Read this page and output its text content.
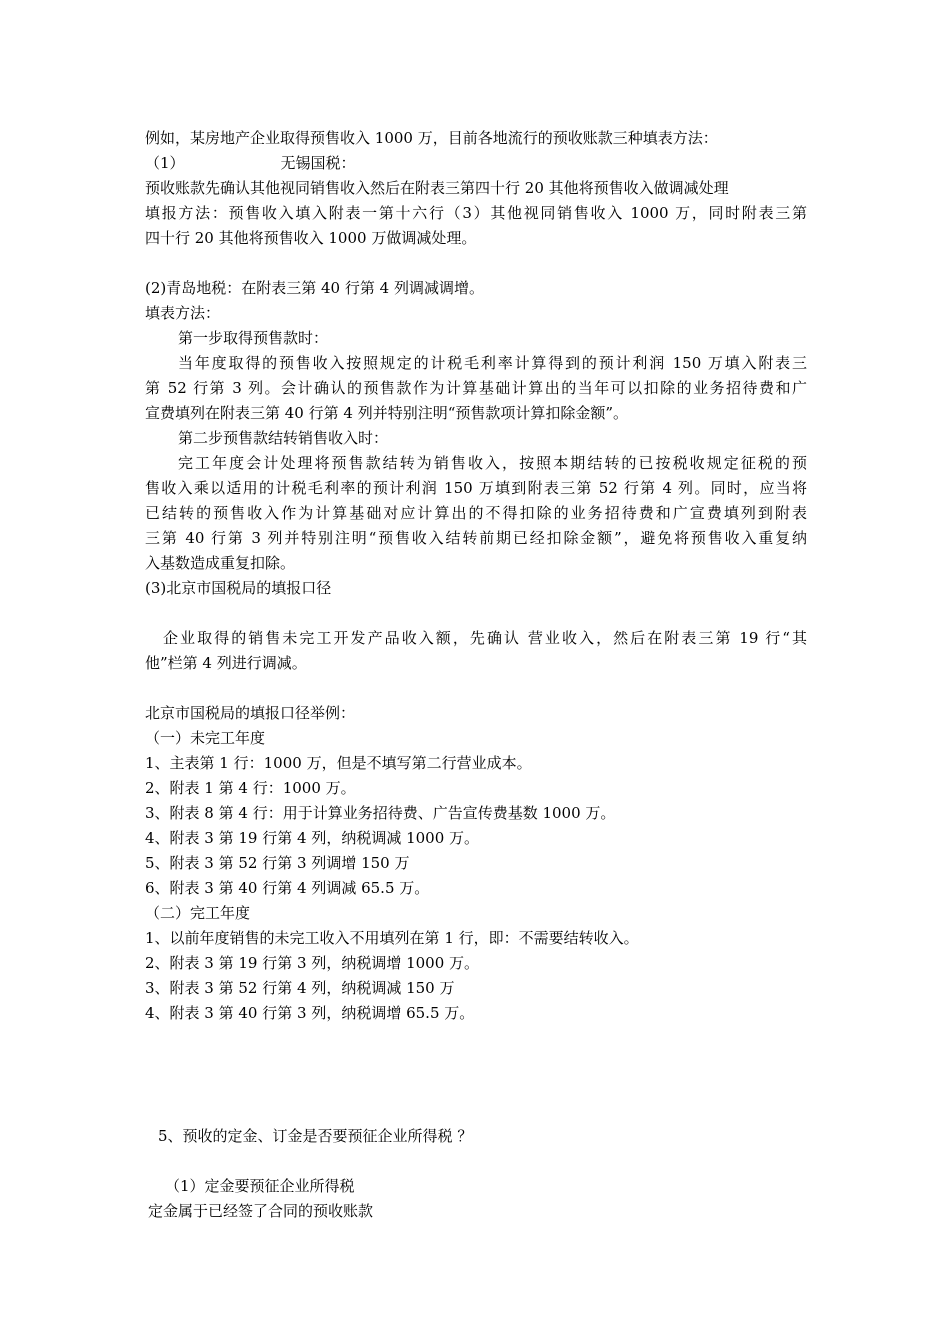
例如，某房地产企业取得预售收入 1000 万，目前各地流行的预收账款三种填表方法：
（1）	无锡国税：
预收账款先确认其他视同销售收入然后在附表三第四十行 20 其他将预售收入做调减处理
填报方法：预售收入填入附表一第十六行（3）其他视同销售收入 1000 万，同时附表三第
四十行 20 其他将预售收入 1000 万做调减处理。
(2)青岛地税：在附表三第 40 行第 4 列调减调增。
填表方法：
第一步取得预售款时：
当年度取得的预售收入按照规定的计税毛利率计算得到的预计利润 150 万填入附表三
第 52 行第 3 列。会计确认的预售款作为计算基础计算出的当年可以扣除的业务招待费和广
宣费填列在附表三第 40 行第 4 列并特别注明“预售款项计算扣除金额”。
第二步预售款结转销售收入时：
完工年度会计处理将预售款结转为销售收入，按照本期结转的已按税收规定征税的预
售收入乘以适用的计税毛利率的预计利润 150 万填到附表三第 52 行第 4 列。同时，应当将
已结转的预售收入作为计算基础对应计算出的不得扣除的业务招待费和广宣费填列到附表
三第 40 行第 3 列并特别注明“预售收入结转前期已经扣除金额”，避免将预售收入重复纳
入基数造成重复扣除。
(3)北京市国税局的填报口径
企业取得的销售未完工开发产品收入额，先确认 营业收入，然后在附表三第 19 行“其
他”栏第 4 列进行调减。
北京市国税局的填报口径举例：
（一）未完工年度
1、主表第 1 行：1000 万，但是不填写第二行营业成本。
2、附表 1 第 4 行：1000 万。
3、附表 8 第 4 行：用于计算业务招待费、广告宣传费基数 1000 万。
4、附表 3 第 19 行第 4 列，纳税调减 1000 万。
5、附表 3 第 52 行第 3 列调增 150 万
6、附表 3 第 40 行第 4 列调减 65.5 万。
（二）完工年度
1、以前年度销售的未完工收入不用填列在第 1 行，即：不需要结转收入。
2、附表 3 第 19 行第 3 列，纳税调增 1000 万。
3、附表 3 第 52 行第 4 列，纳税调减 150 万
4、附表 3 第 40 行第 3 列，纳税调增 65.5 万。
5、预收的定金、订金是否要预征企业所得税 ？
（1）定金要预征企业所得税
定金属于已经签了合同的预收账款
